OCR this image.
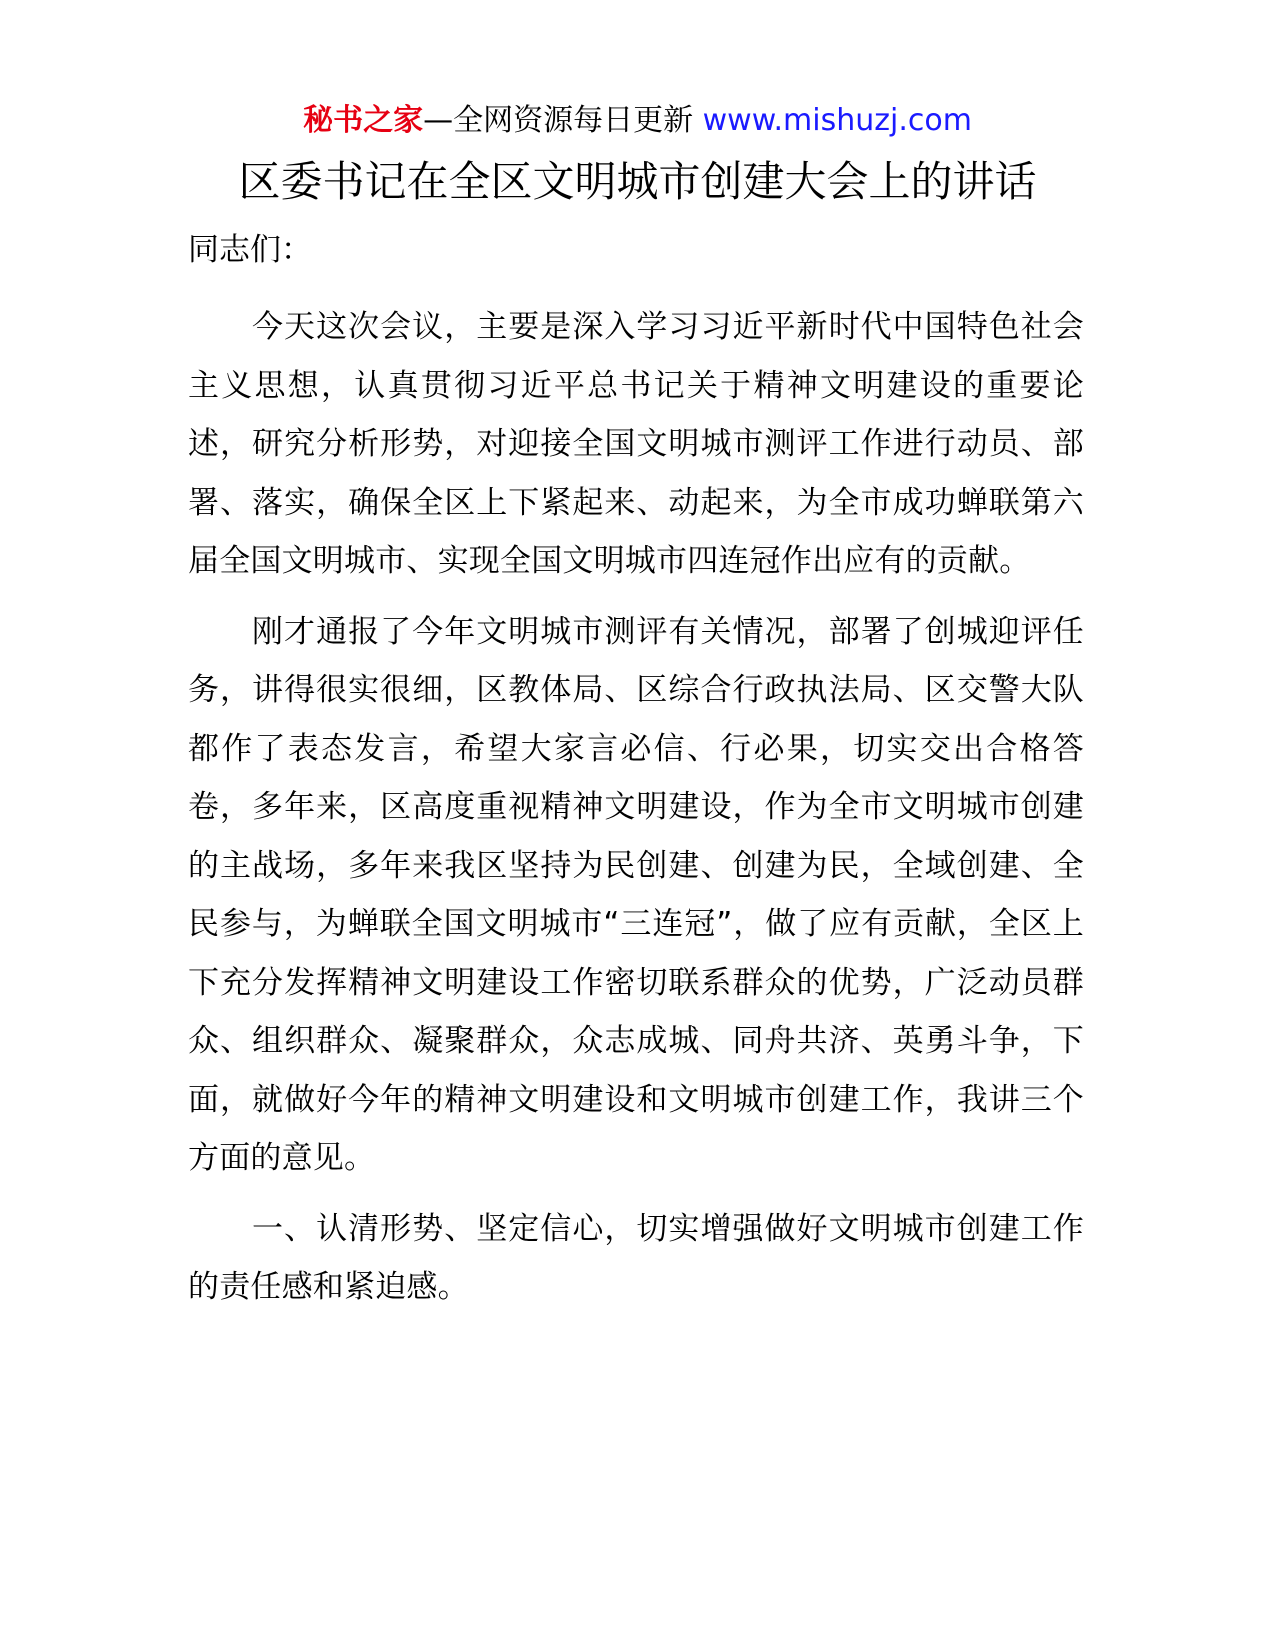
秘书之家—全网资源每日更新 www.mishuzj.com
区委书记在全区文明城市创建大会上的讲话
同志们：

今天这次会议，主要是深入学习习近平新时代中国特色社会主义思想，认真贯彻习近平总书记关于精神文明建设的重要论述，研究分析形势，对迎接全国文明城市测评工作进行动员、部署、落实，确保全区上下紧起来、动起来，为全市成功蝉联第六届全国文明城市、实现全国文明城市四连冠作出应有的贡献。

刚才通报了今年文明城市测评有关情况，部署了创城迎评任务，讲得很实很细，区教体局、区综合行政执法局、区交警大队都作了表态发言，希望大家言必信、行必果，切实交出合格答卷，多年来，区高度重视精神文明建设，作为全市文明城市创建的主战场，多年来我区坚持为民创建、创建为民，全域创建、全民参与，为蝉联全国文明城市“三连冠”，做了应有贡献，全区上下充分发挥精神文明建设工作密切联系群众的优势，广泛动员群众、组织群众、凝聚群众，众志成城、同舟共济、英勇斗争，下面，就做好今年的精神文明建设和文明城市创建工作，我讲三个方面的意见。

一、认清形势、坚定信心，切实增强做好文明城市创建工作的责任感和紧迫感。
